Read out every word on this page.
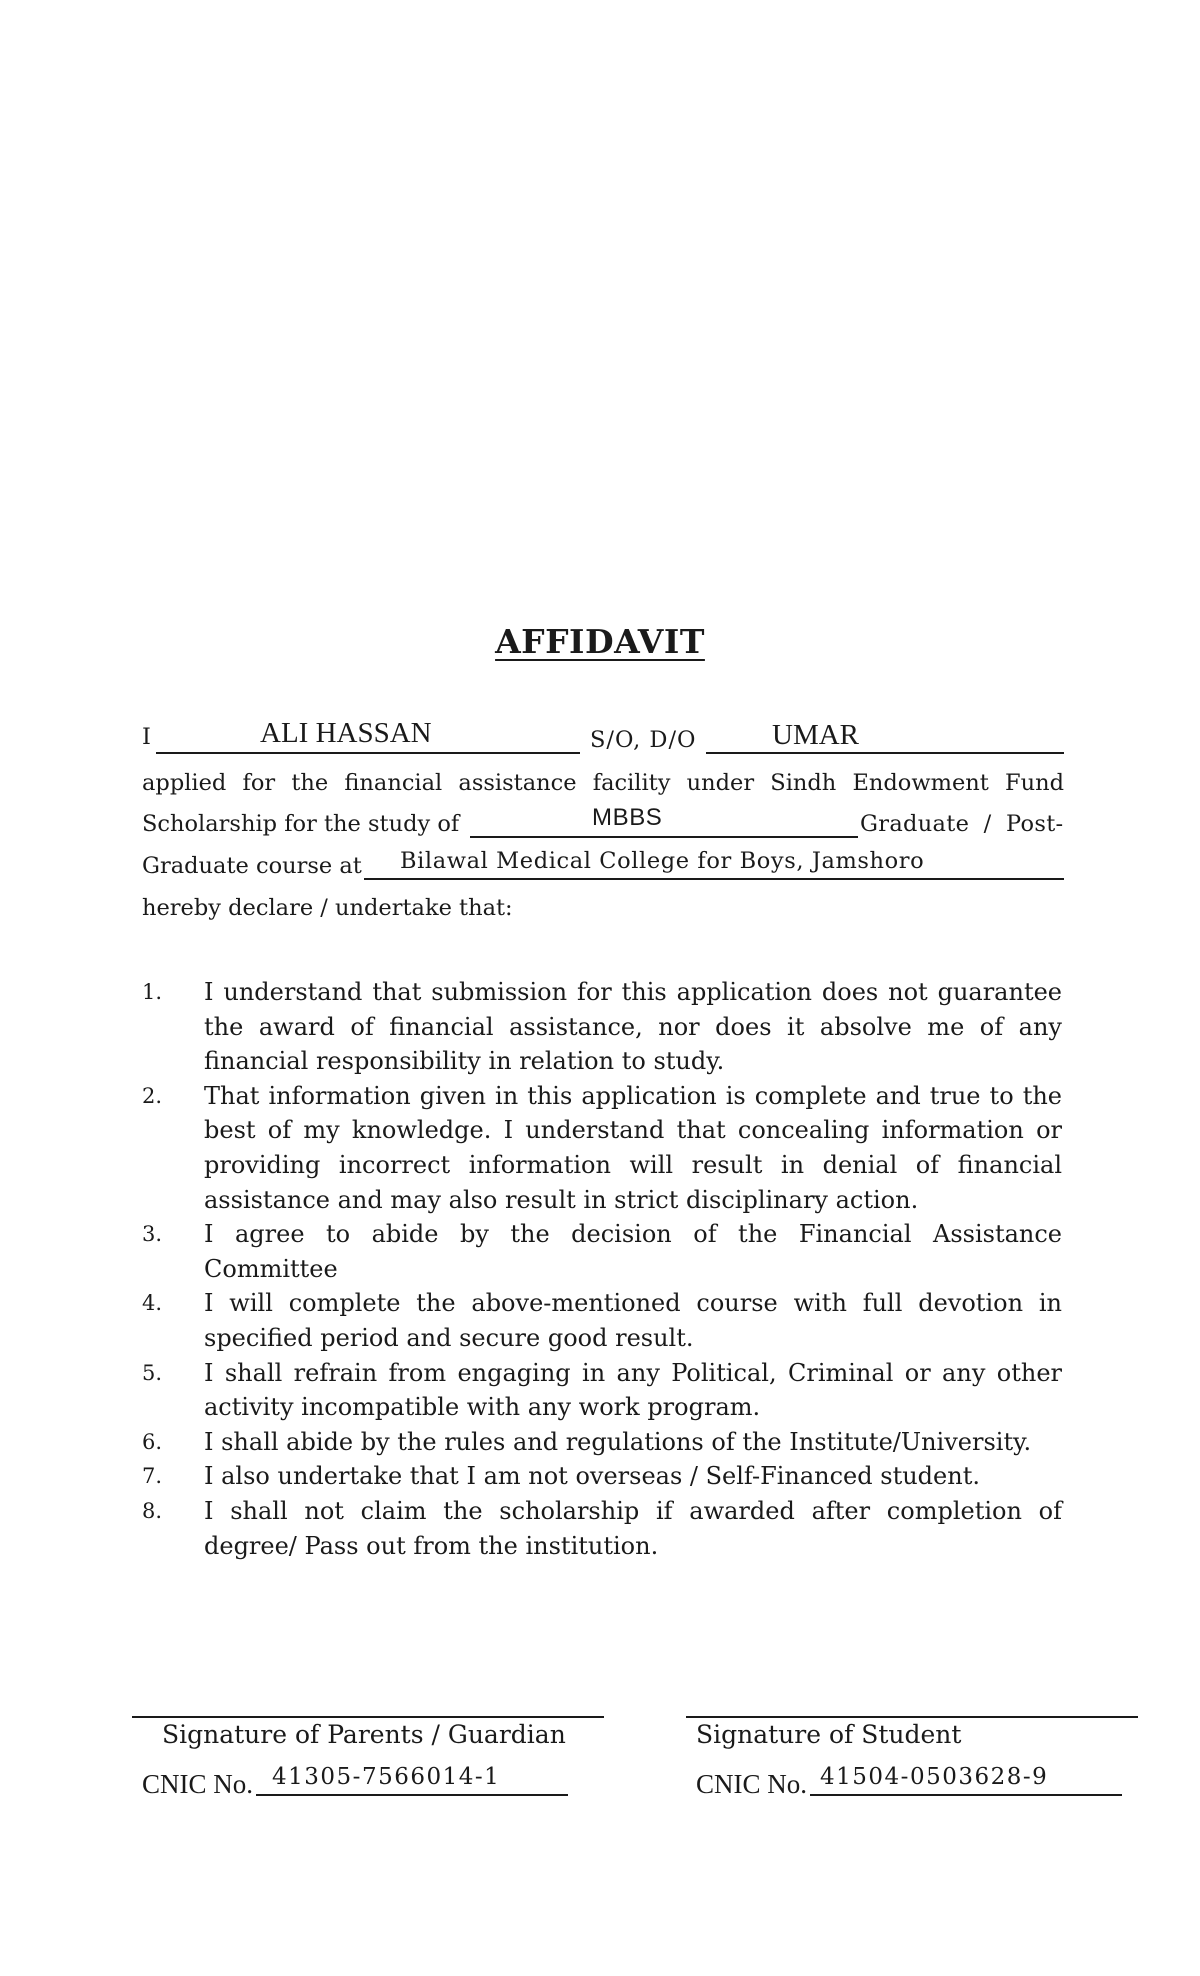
AFFIDAVIT
I	ALI HASSAN	S/O, D/O	UMAR
applied for the financial assistance facility under Sindh Endowment Fund
Scholarship for the study of	MBBS	Graduate / Post-
Graduate course at Bilawal Medical College for Boys, Jamshoro
hereby declare / undertake that:
1. I understand that submission for this application does not guarantee the award of financial assistance, nor does it absolve me of any financial responsibility in relation to study.
2. That information given in this application is complete and true to the best of my knowledge. I understand that concealing information or providing incorrect information will result in denial of financial assistance and may also result in strict disciplinary action.
3. I agree to abide by the decision of the Financial Assistance Committee
4. I will complete the above-mentioned course with full devotion in specified period and secure good result.
5. I shall refrain from engaging in any Political, Criminal or any other activity incompatible with any work program.
6. I shall abide by the rules and regulations of the Institute/University.
7. I also undertake that I am not overseas / Self-Financed student.
8. I shall not claim the scholarship if awarded after completion of degree/ Pass out from the institution.
Signature of Parents / Guardian
CNIC No. 41305-7566014-1
Signature of Student
CNIC No. 41504-0503628-9
